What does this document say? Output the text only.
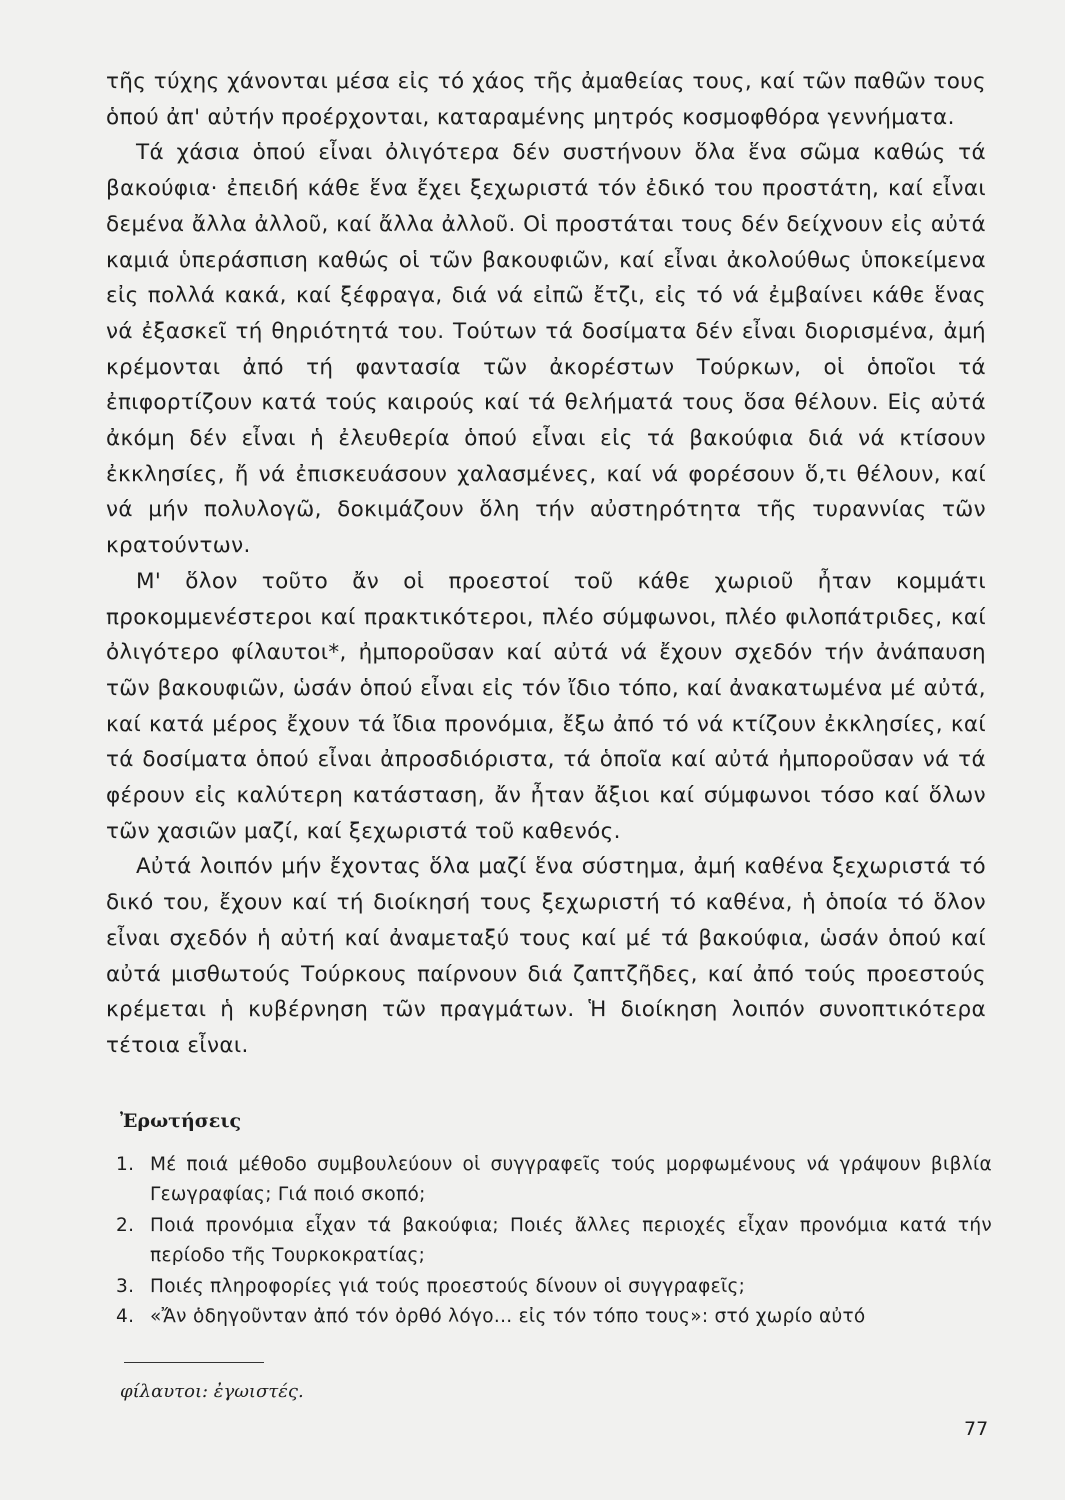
τῆς τύχης χάνονται μέσα εἰς τό χάος τῆς ἀμαθείας τους, καί τῶν παθῶν τους ὁπού ἀπ' αὐτήν προέρχονται, καταραμένης μητρός κοσμοφθόρα γεννήματα.

Τά χάσια ὁπού εἶναι ὀλιγότερα δέν συστήνουν ὅλα ἕνα σῶμα καθώς τά βακούφια· ἐπειδή κάθε ἕνα ἔχει ξεχωριστά τόν ἐδικό του προστάτη, καί εἶναι δεμένα ἄλλα ἀλλοῦ, καί ἄλλα ἀλλοῦ. Οἱ προστάται τους δέν δείχνουν εἰς αὐτά καμιά ὑπεράσπιση καθώς οἱ τῶν βακουφιῶν, καί εἶναι ἀκολούθως ὑποκείμενα εἰς πολλά κακά, καί ξέφραγα, διά νά εἰπῶ ἔτζι, εἰς τό νά ἐμβαίνει κάθε ἕνας νά ἐξασκεῖ τή θηριότητά του. Τούτων τά δοσίματα δέν εἶναι διορισμένα, ἀμή κρέμονται ἀπό τή φαντασία τῶν ἀκορέστων Τούρκων, οἱ ὁποῖοι τά ἐπιφορτίζουν κατά τούς καιρούς καί τά θελήματά τους ὅσα θέλουν. Εἰς αὐτά ἀκόμη δέν εἶναι ἡ ἐλευθερία ὁπού εἶναι εἰς τά βακούφια διά νά κτίσουν ἐκκλησίες, ἤ νά ἐπισκευάσουν χαλασμένες, καί νά φορέσουν ὅ,τι θέλουν, καί νά μήν πολυλογῶ, δοκιμάζουν ὅλη τήν αὐστηρότητα τῆς τυραννίας τῶν κρατούντων.

Μ' ὅλον τοῦτο ἄν οἱ προεστοί τοῦ κάθε χωριοῦ ἦταν κομμάτι προκομμενέστεροι καί πρακτικότεροι, πλέο σύμφωνοι, πλέο φιλοπάτριδες, καί ὀλιγότερο φίλαυτοι*, ἠμποροῦσαν καί αὐτά νά ἔχουν σχεδόν τήν ἀνάπαυση τῶν βακουφιῶν, ὡσάν ὁπού εἶναι εἰς τόν ἴδιο τόπο, καί ἀνακατωμένα μέ αὐτά, καί κατά μέρος ἔχουν τά ἴδια προνόμια, ἔξω ἀπό τό νά κτίζουν ἐκκλησίες, καί τά δοσίματα ὁπού εἶναι ἀπροσδιόριστα, τά ὁποῖα καί αὐτά ἠμποροῦσαν νά τά φέρουν εἰς καλύτερη κατάσταση, ἄν ἦταν ἄξιοι καί σύμφωνοι τόσο καί ὅλων τῶν χασιῶν μαζί, καί ξεχωριστά τοῦ καθενός.

Αὐτά λοιπόν μήν ἔχοντας ὅλα μαζί ἕνα σύστημα, ἀμή καθένα ξεχωριστά τό δικό του, ἔχουν καί τή διοίκησή τους ξεχωριστή τό καθένα, ἡ ὁποία τό ὅλον εἶναι σχεδόν ἡ αὐτή καί ἀναμεταξύ τους καί μέ τά βακούφια, ὡσάν ὁπού καί αὐτά μισθωτούς Τούρκους παίρνουν διά ζαπτζῆδες, καί ἀπό τούς προεστούς κρέμεται ἡ κυβέρνηση τῶν πραγμάτων. Ἡ διοίκηση λοιπόν συνοπτικότερα τέτοια εἶναι.

Ἐρωτήσεις
1. Μέ ποιά μέθοδο συμβουλεύουν οἱ συγγραφεῖς τούς μορφωμένους νά γράψουν βιβλία Γεωγραφίας; Γιά ποιό σκοπό;
2. Ποιά προνόμια εἶχαν τά βακούφια; Ποιές ἄλλες περιοχές εἶχαν προνόμια κατά τήν περίοδο τῆς Τουρκοκρατίας;
3. Ποιές πληροφορίες γιά τούς προεστούς δίνουν οἱ συγγραφεῖς;
4. «Ἄν ὁδηγοῦνταν ἀπό τόν ὀρθό λόγο... εἰς τόν τόπο τους»: στό χωρίο αὐτό

φίλαυτοι: ἐγωιστές.

77
